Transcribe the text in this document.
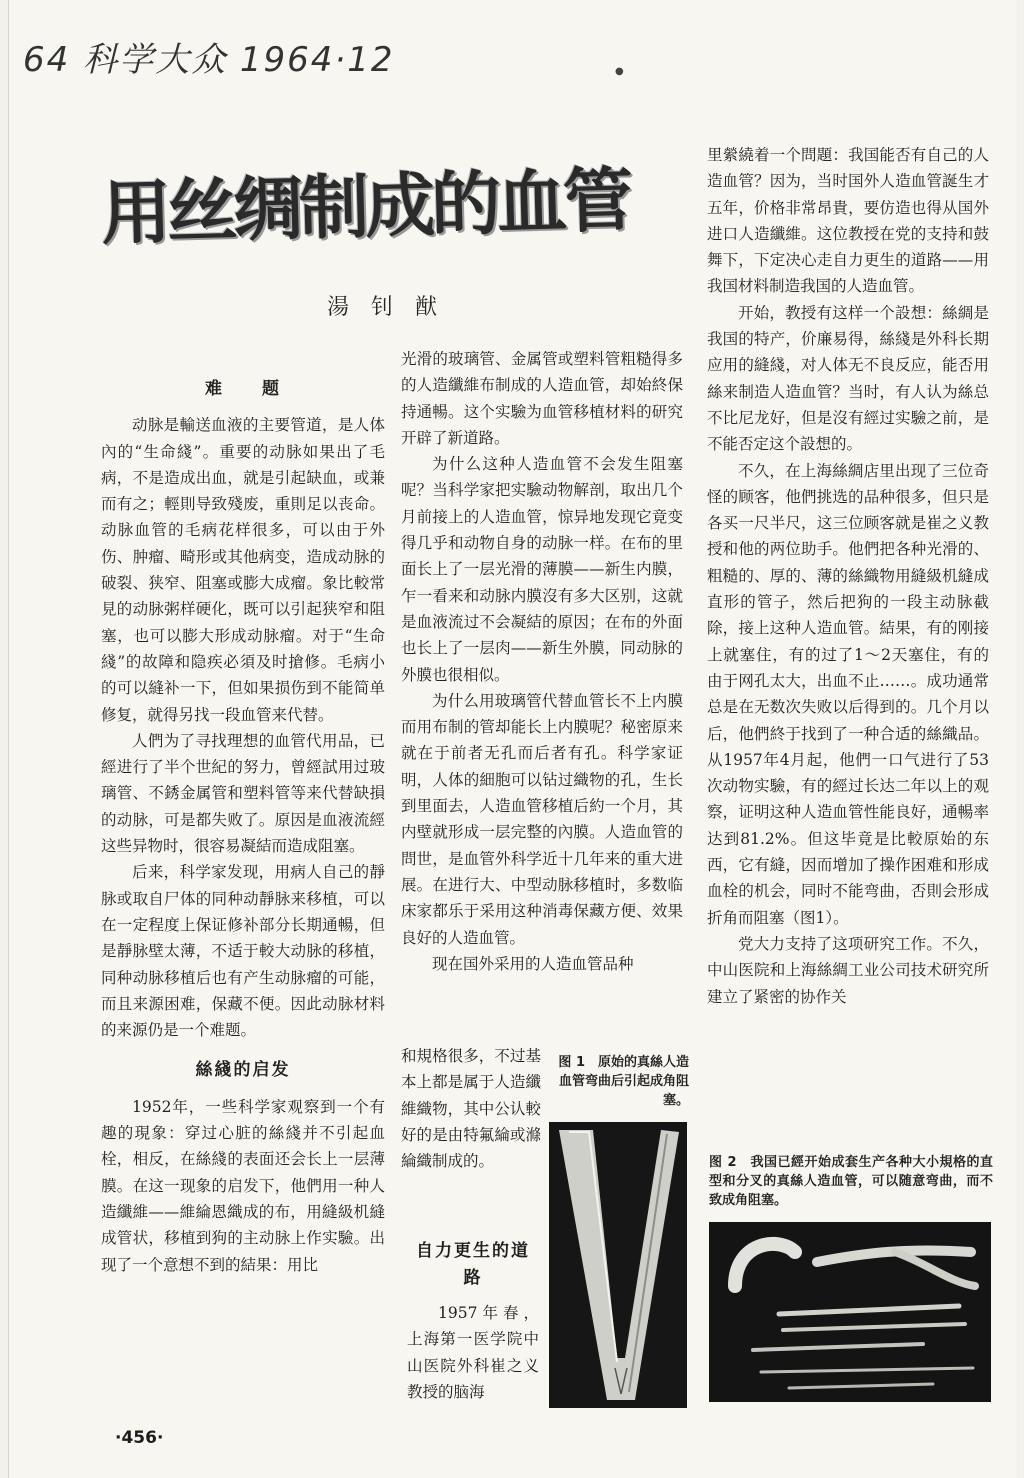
64 科学大众 1964·12	●
用丝绸制成的血管
湯钊猷
难　　题

动脉是輸送血液的主要管道，是人体內的“生命綫”。重要的动脉如果出了毛病，不是造成出血，就是引起缺血，或兼而有之；輕則导致殘废，重則足以丧命。动脉血管的毛病花样很多，可以由于外伤、肿瘤、畸形或其他病变，造成动脉的破裂、狭窄、阻塞或膨大成瘤。象比較常見的动脉粥样硬化，既可以引起狭窄和阻塞，也可以膨大形成动脉瘤。对于“生命綫”的故障和隐疾必須及时搶修。毛病小的可以縫补一下，但如果损伤到不能简单修复，就得另找一段血管来代替。

人們为了寻找理想的血管代用品，已經进行了半个世紀的努力，曾經試用过玻璃管、不銹金属管和塑料管等来代替缺損的动脉，可是都失败了。原因是血液流經这些异物时，很容易凝結而造成阻塞。

后来，科学家发现，用病人自己的靜脉或取自尸体的同种动靜脉来移植，可以在一定程度上保证修补部分长期通暢，但是靜脉壁太薄，不适于較大动脉的移植，同种动脉移植后也有产生动脉瘤的可能，而且来源困难，保藏不便。因此动脉材料的来源仍是一个难题。

絲綫的启发

1952年，一些科学家观察到一个有趣的現象：穿过心脏的絲綫并不引起血栓，相反，在絲綫的表面还会长上一层薄膜。在这一现象的启发下，他們用一种人造纖維——維綸恩織成的布，用縫級机縫成管状，移植到狗的主动脉上作实驗。出现了一个意想不到的結果：用比

光滑的玻璃管、金属管或塑料管粗糙得多的人造纖維布制成的人造血管，却始終保持通暢。这个实驗为血管移植材料的研究开辟了新道路。

为什么这种人造血管不会发生阻塞呢？当科学家把实驗动物解剖，取出几个月前接上的人造血管，惊异地发现它竟变得几乎和动物自身的动脉一样。在布的里面长上了一层光滑的薄膜——新生内膜，乍一看来和动脉内膜沒有多大区别，这就是血液流过不会凝結的原因；在布的外面也长上了一层肉——新生外膜，同动脉的外膜也很相似。

为什么用玻璃管代替血管长不上内膜而用布制的管却能长上内膜呢？秘密原来就在于前者无孔而后者有孔。科学家证明，人体的細胞可以钻过織物的孔，生长到里面去，人造血管移植后約一个月，其内壁就形成一层完整的內膜。人造血管的問世，是血管外科学近十几年来的重大进展。在进行大、中型动脉移植时，多数临床家都乐于采用这种消毒保藏方便、效果良好的人造血管。

现在国外采用的人造血管品种

和規格很多，不过基本上都是属于人造纖維織物，其中公认較好的是由特氟綸或滌綸織制成的。

自力更生的道路

1957年春，上海第一医学院中山医院外科崔之义教授的脑海

图 1　原始的真絲人造血管弯曲后引起成角阻塞。

里縈繞着一个問題：我国能否有自己的人造血管？因为，当时国外人造血管誕生才五年，价格非常昂貴，要仿造也得从国外进口人造纖維。这位教授在党的支持和鼓舞下，下定决心走自力更生的道路——用我国材料制造我国的人造血管。

开始，教授有这样一个設想：絲綢是我国的特产，价廉易得，絲綫是外科长期应用的縫綫，对人体无不良反应，能否用絲来制造人造血管？当时，有人认为絲总不比尼龙好，但是沒有經过实驗之前，是不能否定这个設想的。

不久，在上海絲綢店里出现了三位奇怪的顾客，他們挑选的品种很多，但只是各买一尺半尺，这三位顾客就是崔之义教授和他的两位助手。他們把各种光滑的、粗糙的、厚的、薄的絲織物用縫級机縫成直形的管子，然后把狗的一段主动脉截除，接上这种人造血管。結果，有的刚接上就塞住，有的过了1～2天塞住，有的由于网孔太大，出血不止……。成功通常总是在无数次失败以后得到的。几个月以后，他們終于找到了一种合适的絲織品。从1957年4月起，他們一口气进行了53次动物实驗，有的經过长达二年以上的观察，证明这种人造血管性能良好，通暢率达到81.2%。但这毕竟是比較原始的东西，它有縫，因而增加了操作困难和形成血栓的机会，同时不能弯曲，否則会形成折角而阻塞（图1）。

党大力支持了这项研究工作。不久，中山医院和上海絲綢工业公司技术研究所建立了紧密的协作关

图 2　我国已經开始成套生产各种大小規格的直型和分叉的真絲人造血管，可以随意弯曲，而不致成角阻塞。
·456·
